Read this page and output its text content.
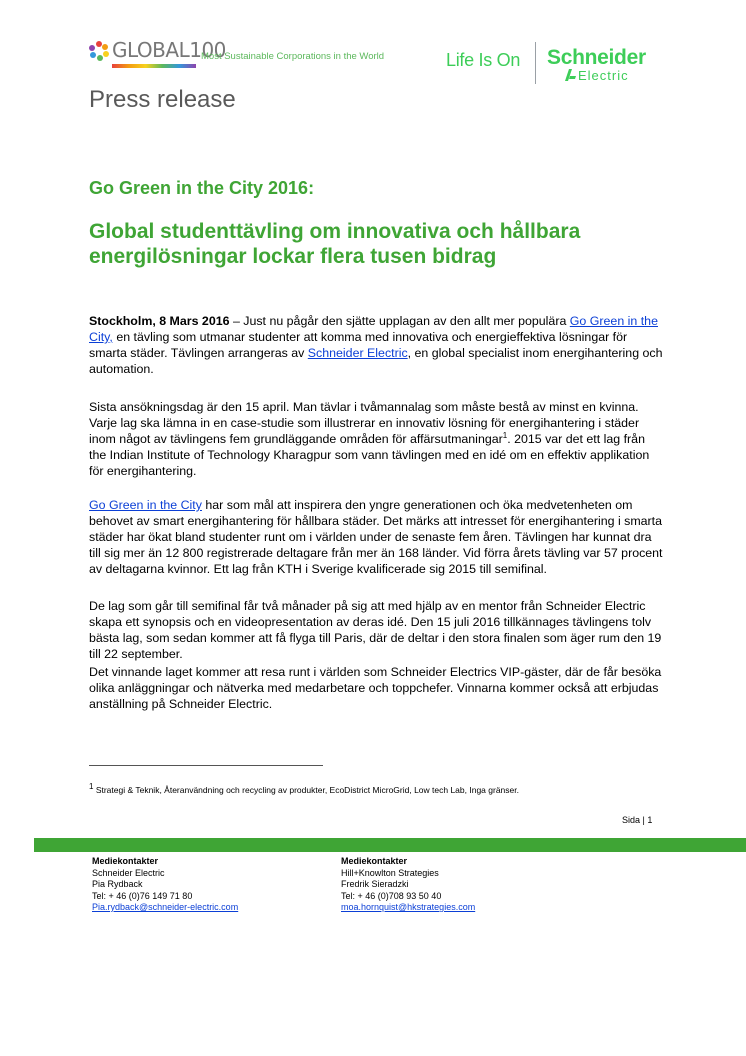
GLOBAL100
Most Sustainable Corporations in the World	Life Is On Schneider
Electric
Press release
Go Green in the City 2016:
Global studenttävling om innovativa och hållbara energilösningar lockar flera tusen bidrag

Stockholm, 8 Mars 2016 – Just nu pågår den sjätte upplagan av den allt mer populära Go Green in the City, en tävling som utmanar studenter att komma med innovativa och energieffektiva lösningar för smarta städer. Tävlingen arrangeras av Schneider Electric, en global specialist inom energihantering och automation.

Sista ansökningsdag är den 15 april. Man tävlar i tvåmannalag som måste bestå av minst en kvinna. Varje lag ska lämna in en case-studie som illustrerar en innovativ lösning för energihantering i städer inom något av tävlingens fem grundläggande områden för affärsutmaningar$^1$. 2015 var det ett lag från the Indian Institute of Technology Kharagpur som vann tävlingen med en idé om en effektiv applikation för energihantering.

Go Green in the City har som mål att inspirera den yngre generationen och öka medvetenheten om behovet av smart energihantering för hållbara städer. Det märks att intresset för energihantering i smarta städer har ökat bland studenter runt om i världen under de senaste fem åren. Tävlingen har kunnat dra till sig mer än 12 800 registrerade deltagare från mer än 168 länder. Vid förra årets tävling var 57 procent av deltagarna kvinnor. Ett lag från KTH i Sverige kvalificerade sig 2015 till semifinal.

De lag som går till semifinal får två månader på sig att med hjälp av en mentor från Schneider Electric skapa ett synopsis och en videopresentation av deras idé. Den 15 juli 2016 tillkännages tävlingens tolv bästa lag, som sedan kommer att få flyga till Paris, där de deltar i den stora finalen som äger rum den 19 till 22 september.

Det vinnande laget kommer att resa runt i världen som Schneider Electrics VIP-gäster, där de får besöka olika anläggningar och nätverka med medarbetare och toppchefer. Vinnarna kommer också att erbjudas anställning på Schneider Electric.

$^1$ Strategi & Teknik, Återanvändning och recycling av produkter, EcoDistrict MicroGrid, Low tech Lab, Inga gränser.
Sida | 1
Mediekontakter
Schneider Electric
Pia Rydback
Tel: + 46 (0)76 149 71 80
Pia.rydback@schneider-electric.com
Mediekontakter
Hill+Knowlton Strategies
Fredrik Sieradzki
Tel: + 46 (0)708 93 50 40
moa.hornquist@hkstrategies.com
